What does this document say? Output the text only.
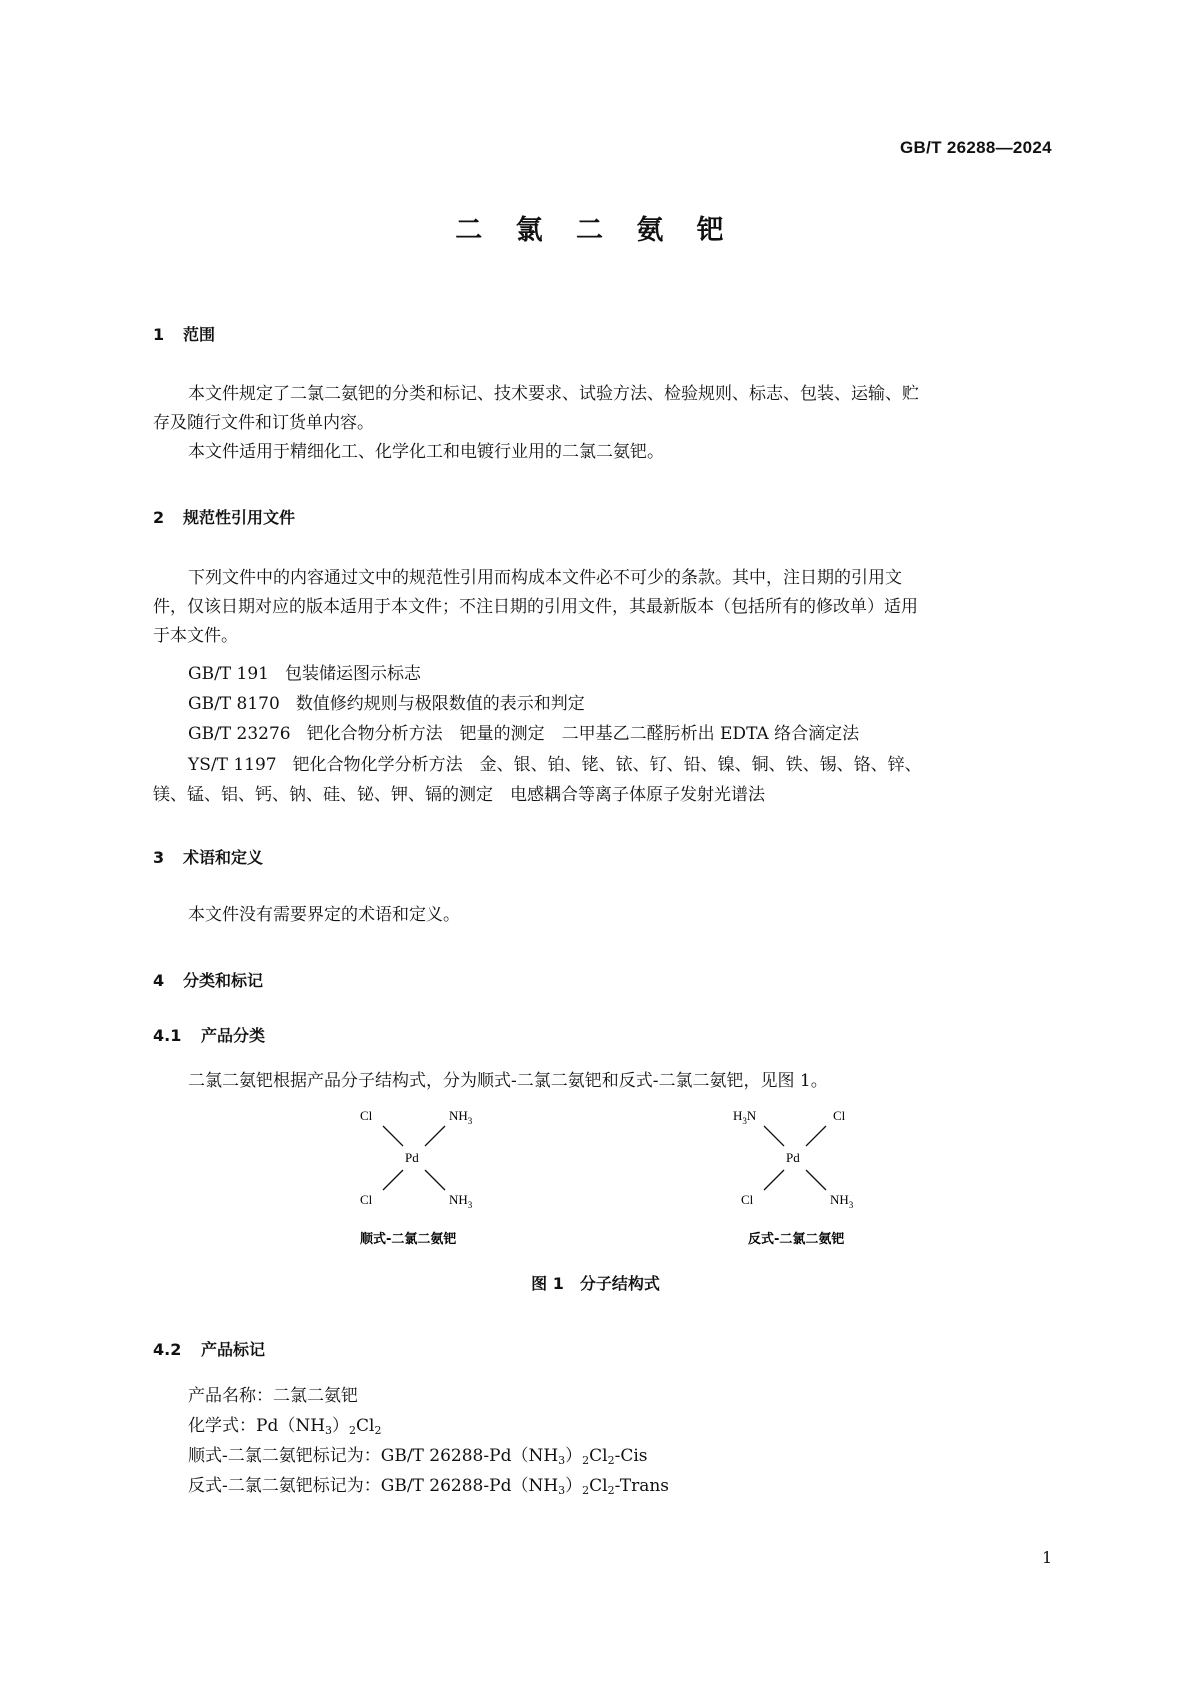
GB/T 26288—2024
二 氯 二 氨 钯
1 范围
本文件规定了二氯二氨钯的分类和标记、技术要求、试验方法、检验规则、标志、包装、运输、贮
存及随行文件和订货单内容。
本文件适用于精细化工、化学化工和电镀行业用的二氯二氨钯。
2 规范性引用文件
下列文件中的内容通过文中的规范性引用而构成本文件必不可少的条款。其中，注日期的引用文
件，仅该日期对应的版本适用于本文件；不注日期的引用文件，其最新版本（包括所有的修改单）适用
于本文件。
GB/T 191 包装储运图示标志
GB/T 8170 数值修约规则与极限数值的表示和判定
GB/T 23276 钯化合物分析方法　钯量的测定　二甲基乙二醛肟析出 EDTA 络合滴定法
YS/T 1197 钯化合物化学分析方法　金、银、铂、铑、铱、钌、铅、镍、铜、铁、锡、铬、锌、
镁、锰、铝、钙、钠、硅、铋、钾、镉的测定　电感耦合等离子体原子发射光谱法
3 术语和定义
本文件没有需要界定的术语和定义。
4 分类和标记
4.1 产品分类
二氯二氨钯根据产品分子结构式，分为顺式-二氯二氨钯和反式-二氯二氨钯，见图 1。
Cl	$NH_3$
Pd
Cl	$NH_3$
顺式-二氯二氨钯
$H_3N$	Cl
Pd
Cl	$NH_3$
反式-二氯二氨钯
图 1　分子结构式
4.2 产品标记
产品名称：二氯二氨钯
化学式：$Pd(NH_3)_2Cl_2$
顺式-二氯二氨钯标记为：GB/T $26288-Pd(NH_3)_2Cl_2$-Cis
反式-二氯二氨钯标记为：GB/T $26288-Pd(NH_3)_2Cl_2$-Trans
1
